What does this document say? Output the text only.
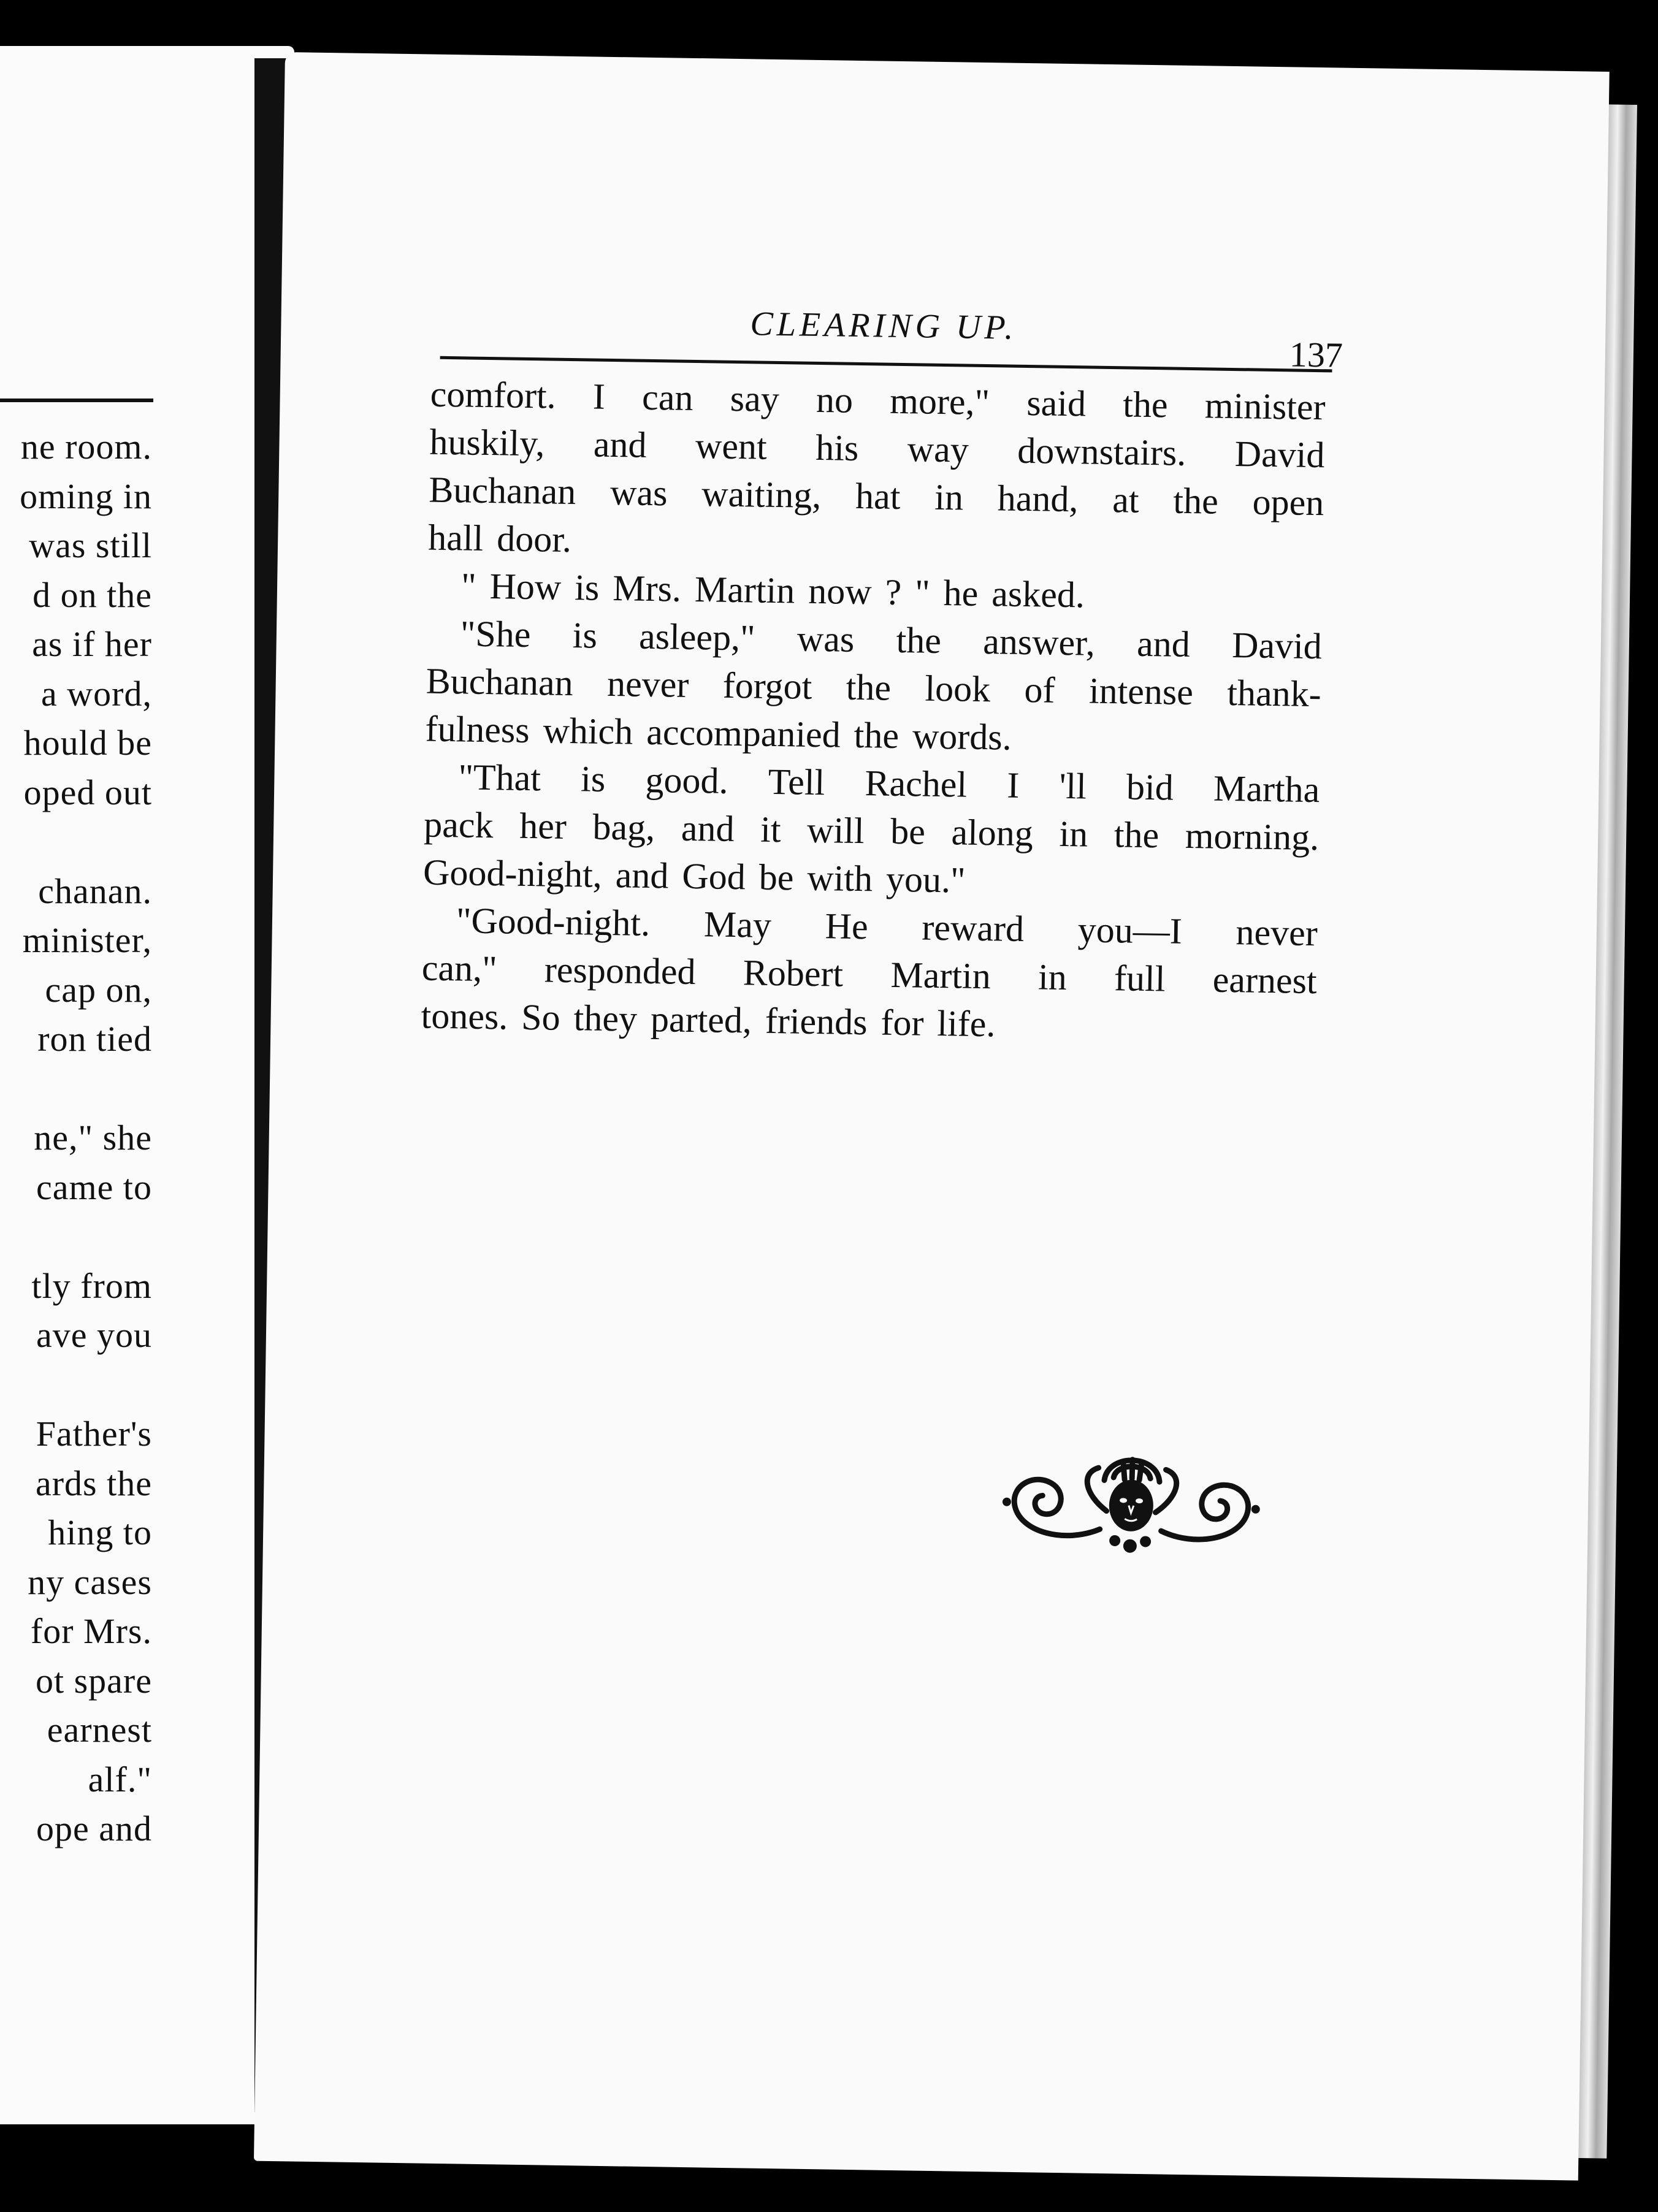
ne room.
oming in
was still
d on the
as if her
a word,
hould be
oped out
chanan.
minister,
cap on,
ron tied
ne," she
came to
tly from
ave you
Father's
ards the
hing to
ny cases
for Mrs.
ot spare
earnest
alf."
ope and
CLEARING UP.
137
comfort. I can say no more," said the minister
huskily, and went his way downstairs. David
Buchanan was waiting, hat in hand, at the open
hall door.
" How is Mrs. Martin now ? " he asked.
"She is asleep," was the answer, and David
Buchanan never forgot the look of intense thank-
fulness which accompanied the words.
"That is good. Tell Rachel I 'll bid Martha
pack her bag, and it will be along in the morning.
Good-night, and God be with you."
"Good-night. May He reward you—I never
can," responded Robert Martin in full earnest
tones. So they parted, friends for life.
